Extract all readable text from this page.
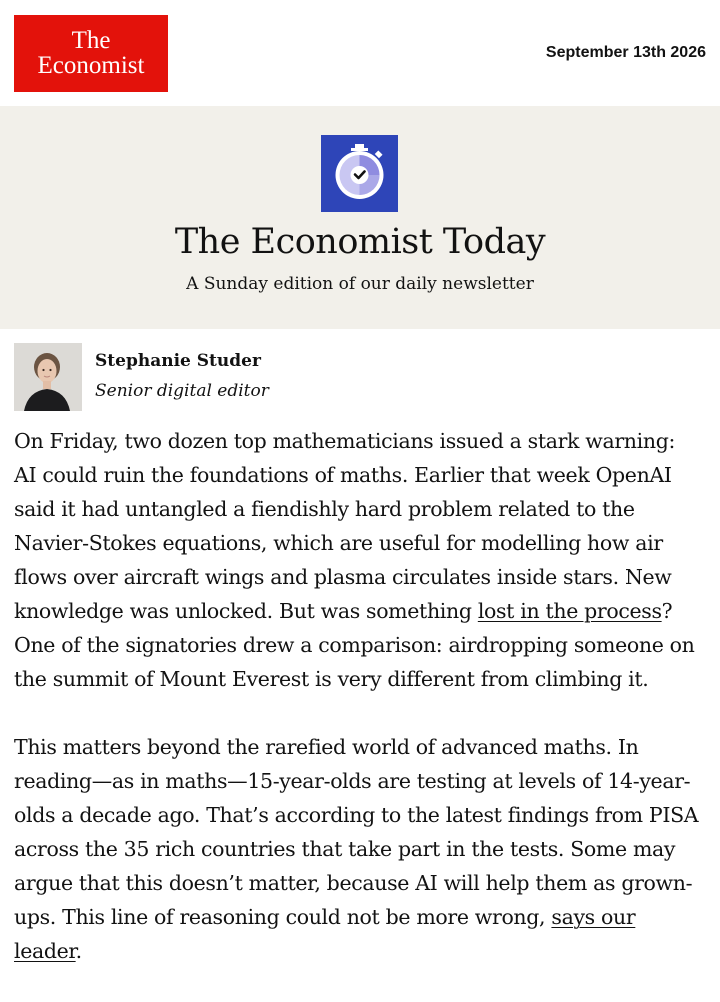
The
Economist	September 13th 2026
The Economist Today
A Sunday edition of our daily newsletter
Stephanie Studer
Senior digital editor

On Friday, two dozen top mathematicians issued a stark warning:
AI could ruin the foundations of maths. Earlier that week OpenAI
said it had untangled a fiendishly hard problem related to the
Navier-Stokes equations, which are useful for modelling how air
flows over aircraft wings and plasma circulates inside stars. New
knowledge was unlocked. But was something lost in the process?
One of the signatories drew a comparison: airdropping someone on
the summit of Mount Everest is very different from climbing it.

This matters beyond the rarefied world of advanced maths. In
reading—as in maths—15-year-olds are testing at levels of 14-year-
olds a decade ago. That’s according to the latest findings from PISA
across the 35 rich countries that take part in the tests. Some may
argue that this doesn’t matter, because AI will help them as grown-
ups. This line of reasoning could not be more wrong, says our
leader.
